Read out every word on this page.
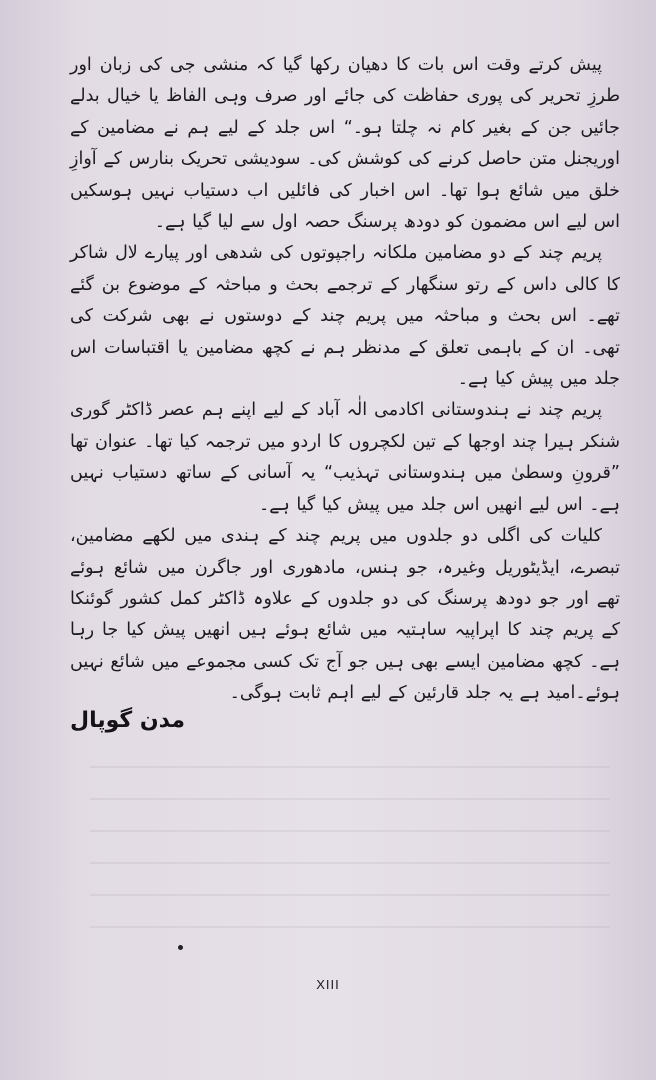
پیش کرتے وقت اس بات کا دھیان رکھا گیا کہ منشی جی کی زبان اور طرزِ تحریر کی پوری حفاظت کی جائے اور صرف وہی الفاظ یا خیال بدلے جائیں جن کے بغیر کام نہ چلتا ہو۔“ اس جلد کے لیے ہم نے مضامین کے اوریجنل متن حاصل کرنے کی کوشش کی۔ سودیشی تحریک بنارس کے آوازِ خلق میں شائع ہوا تھا۔ اس اخبار کی فائلیں اب دستیاب نہیں ہوسکیں اس لیے اس مضمون کو دودھ پرسنگ حصہ اول سے لیا گیا ہے۔

پریم چند کے دو مضامین ملکانہ راجپوتوں کی شدھی اور پیارے لال شاکر کا کالی داس کے رتو سنگھار کے ترجمے بحث و مباحثہ کے موضوع بن گئے تھے۔ اس بحث و مباحثہ میں پریم چند کے دوستوں نے بھی شرکت کی تھی۔ ان کے باہمی تعلق کے مدنظر ہم نے کچھ مضامین یا اقتباسات اس جلد میں پیش کیا ہے۔

پریم چند نے ہندوستانی اکادمی الٰہ آباد کے لیے اپنے ہم عصر ڈاکٹر گوری شنکر ہیرا چند اوجھا کے تین لکچروں کا اردو میں ترجمہ کیا تھا۔ عنوان تھا ”قرونِ وسطیٰ میں ہندوستانی تہذیب“ یہ آسانی کے ساتھ دستیاب نہیں ہے۔ اس لیے انھیں اس جلد میں پیش کیا گیا ہے۔

کلیات کی اگلی دو جلدوں میں پریم چند کے ہندی میں لکھے مضامین، تبصرے، ایڈیٹوریل وغیرہ، جو ہنس، مادھوری اور جاگرن میں شائع ہوئے تھے اور جو دودھ پرسنگ کی دو جلدوں کے علاوہ ڈاکٹر کمل کشور گوئنکا کے پریم چند کا اپراپیہ ساہتیہ میں شائع ہوئے ہیں انھیں پیش کیا جا رہا ہے۔ کچھ مضامین ایسے بھی ہیں جو آج تک کسی مجموعے میں شائع نہیں ہوئے۔امید ہے یہ جلد قارئین کے لیے اہم ثابت ہوگی۔

مدن گوپال
XIII
